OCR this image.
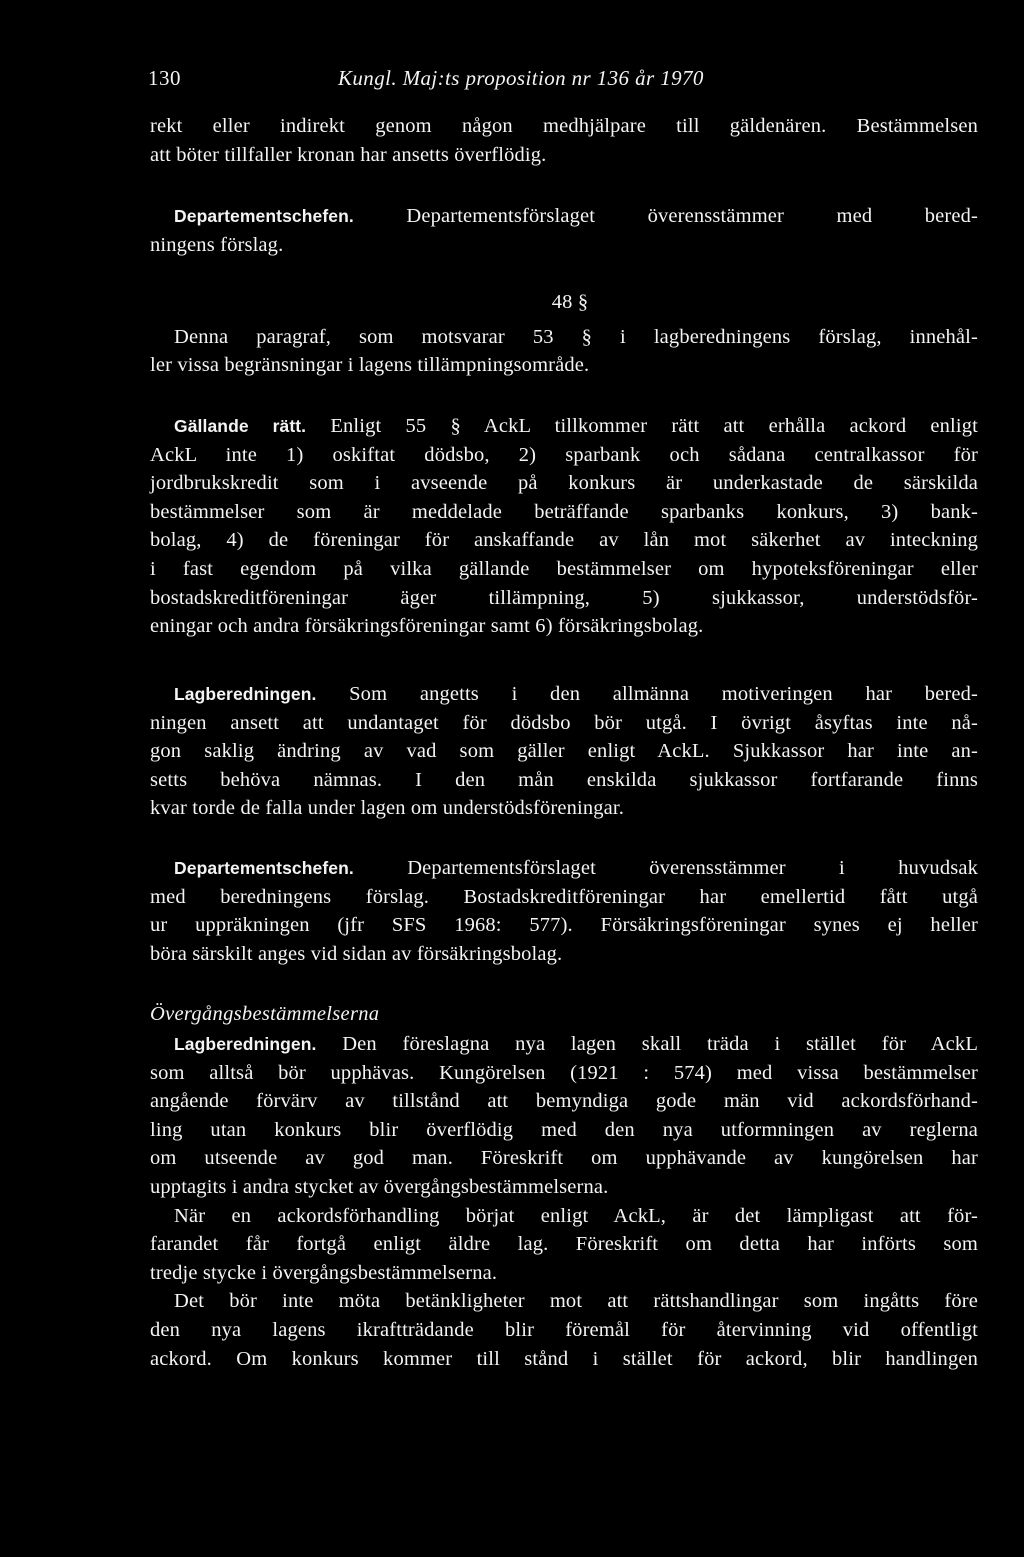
130	Kungl. Maj:ts proposition nr 136 år 1970
rekt eller indirekt genom någon medhjälpare till gäldenären. Bestämmelsen
att böter tillfaller kronan har ansetts överflödig.
Departementschefen. Departementsförslaget överensstämmer med bered-
ningens förslag.
48 §
Denna paragraf, som motsvarar 53 § i lagberedningens förslag, innehål-
ler vissa begränsningar i lagens tillämpningsområde.
Gällande rätt. Enligt 55 § AckL tillkommer rätt att erhålla ackord enligt
AckL inte 1) oskiftat dödsbo, 2) sparbank och sådana centralkassor för
jordbrukskredit som i avseende på konkurs är underkastade de särskilda
bestämmelser som är meddelade beträffande sparbanks konkurs, 3) bank-
bolag, 4) de föreningar för anskaffande av lån mot säkerhet av inteckning
i fast egendom på vilka gällande bestämmelser om hypoteksföreningar eller
bostadskreditföreningar äger tillämpning, 5) sjukkassor, understödsför-
eningar och andra försäkringsföreningar samt 6) försäkringsbolag.
Lagberedningen. Som angetts i den allmänna motiveringen har bered-
ningen ansett att undantaget för dödsbo bör utgå. I övrigt åsyftas inte nå-
gon saklig ändring av vad som gäller enligt AckL. Sjukkassor har inte an-
setts behöva nämnas. I den mån enskilda sjukkassor fortfarande finns
kvar torde de falla under lagen om understödsföreningar.
Departementschefen. Departementsförslaget överensstämmer i huvudsak
med beredningens förslag. Bostadskreditföreningar har emellertid fått utgå
ur uppräkningen (jfr SFS 1968: 577). Försäkringsföreningar synes ej heller
böra särskilt anges vid sidan av försäkringsbolag.
Övergångsbestämmelserna
Lagberedningen. Den föreslagna nya lagen skall träda i stället för AckL
som alltså bör upphävas. Kungörelsen (1921 : 574) med vissa bestämmelser
angående förvärv av tillstånd att bemyndiga gode män vid ackordsförhand-
ling utan konkurs blir överflödig med den nya utformningen av reglerna
om utseende av god man. Föreskrift om upphävande av kungörelsen har
upptagits i andra stycket av övergångsbestämmelserna.
När en ackordsförhandling börjat enligt AckL, är det lämpligast att för-
farandet får fortgå enligt äldre lag. Föreskrift om detta har införts som
tredje stycke i övergångsbestämmelserna.
Det bör inte möta betänkligheter mot att rättshandlingar som ingåtts före
den nya lagens ikraftträdande blir föremål för återvinning vid offentligt
ackord. Om konkurs kommer till stånd i stället för ackord, blir handlingen
